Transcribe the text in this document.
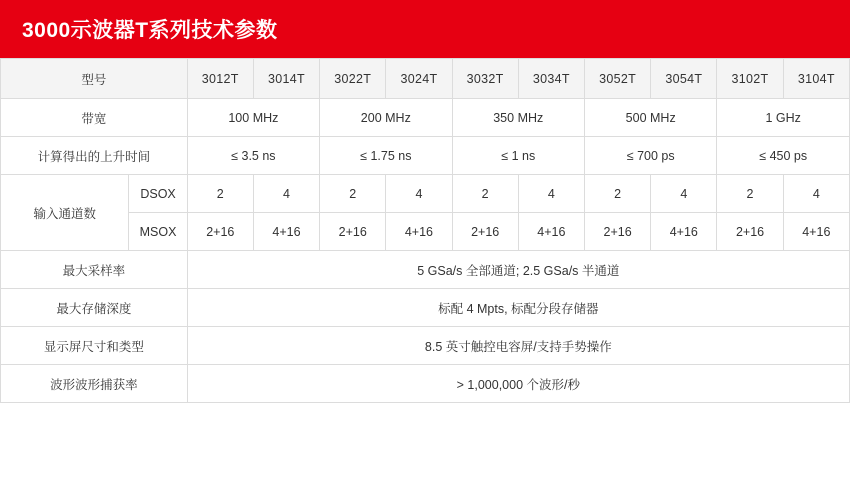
3000示波器T系列技术参数
型号		3012T	3014T	3022T	3024T	3032T	3034T	3052T	3054T	3102T	3104T
带宽		100 MHz		200 MHz		350 MHz		500 MHz		1 GHz	
计算得出的上升时间		≤ 3.5 ns		≤ 1.75 ns		≤ 1 ns		≤ 700 ps		≤ 450 ps	
输入通道数	DSOX	2	4	2	4	2	4	2	4	2	4
	MSOX	2+16	4+16	2+16	4+16	2+16	4+16	2+16	4+16	2+16	4+16
最大采样率		5 GSa/s 全部通道; 2.5 GSa/s 半通道									
最大存储深度		标配 4 Mpts, 标配分段存储器									
显示屏尺寸和类型		8.5 英寸触控电容屏/支持手势操作									
波形波形捕获率		> 1,000,000 个波形/秒									
